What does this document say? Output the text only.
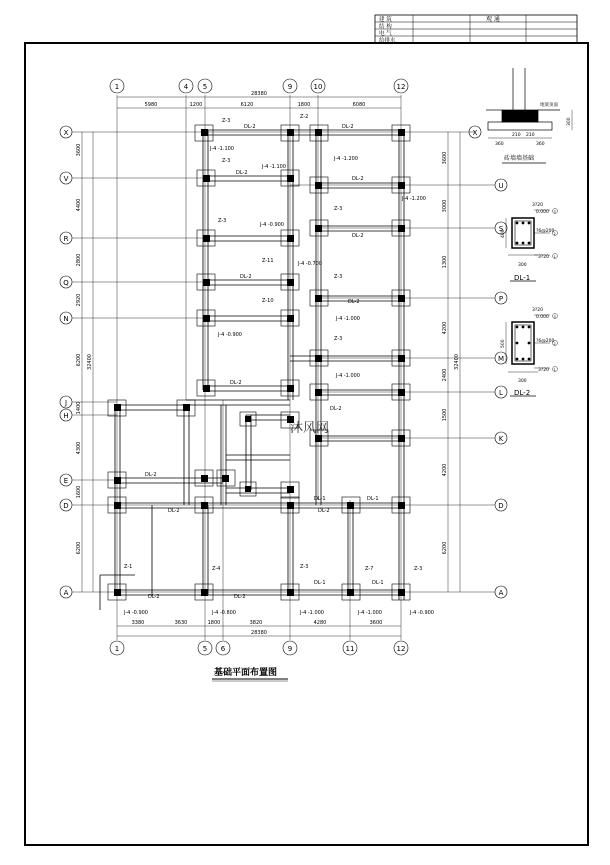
建 筑
结 构
电 气
给排水
观 通
1	4 5	9	10	12
1	5 6	9	11	12
X
V
R
Q
N
J
H
E
D
A
X
U
S
P
M
L
K
D
A
28380
5980	1200	6120	1800	6080
3380	3630	1800	3820	4280	3600
28380
3600
4400
2800
2920
6200
1400
4300
1600
6200
32400
3600
3000
1300
4200
2400
1500
4200
6200
32400
Z-3
J-4 -1.100
Z-2
J-4 -1.200
Z-3
J-4 -1.100
Z-3
J-4 -1.200
Z-3
J-4 -0.900
Z-11	J-4 -0.700
Z-10
J-4 -0.900
Z-3
J-4 -1.000
Z-3
J-4 -1.000
Z-1
J-4 -0.900
Z-4
J-4 -0.800
Z-3
J-4 -1.000
Z-7
J-4 -1.000
Z-3
J-4 -0.900
DL-2	DL-2
DL-2
DL-2
DL-2
DL-2
DL-2
DL-2
DL-2
DL-2
DL-2
DL-1
DL-1
DL-2	DL-2
DL-1	DL-1
DL-2
沐风网
基础平面布置图
地梁顶面
210 210
360	360
300
砖墙墙基础
3?20
0.000
?6@200
3?20
300
400
3
2
1
DL-1
3?20
0.000
?6@200
3?20
300
500
3
2
1
DL-2
